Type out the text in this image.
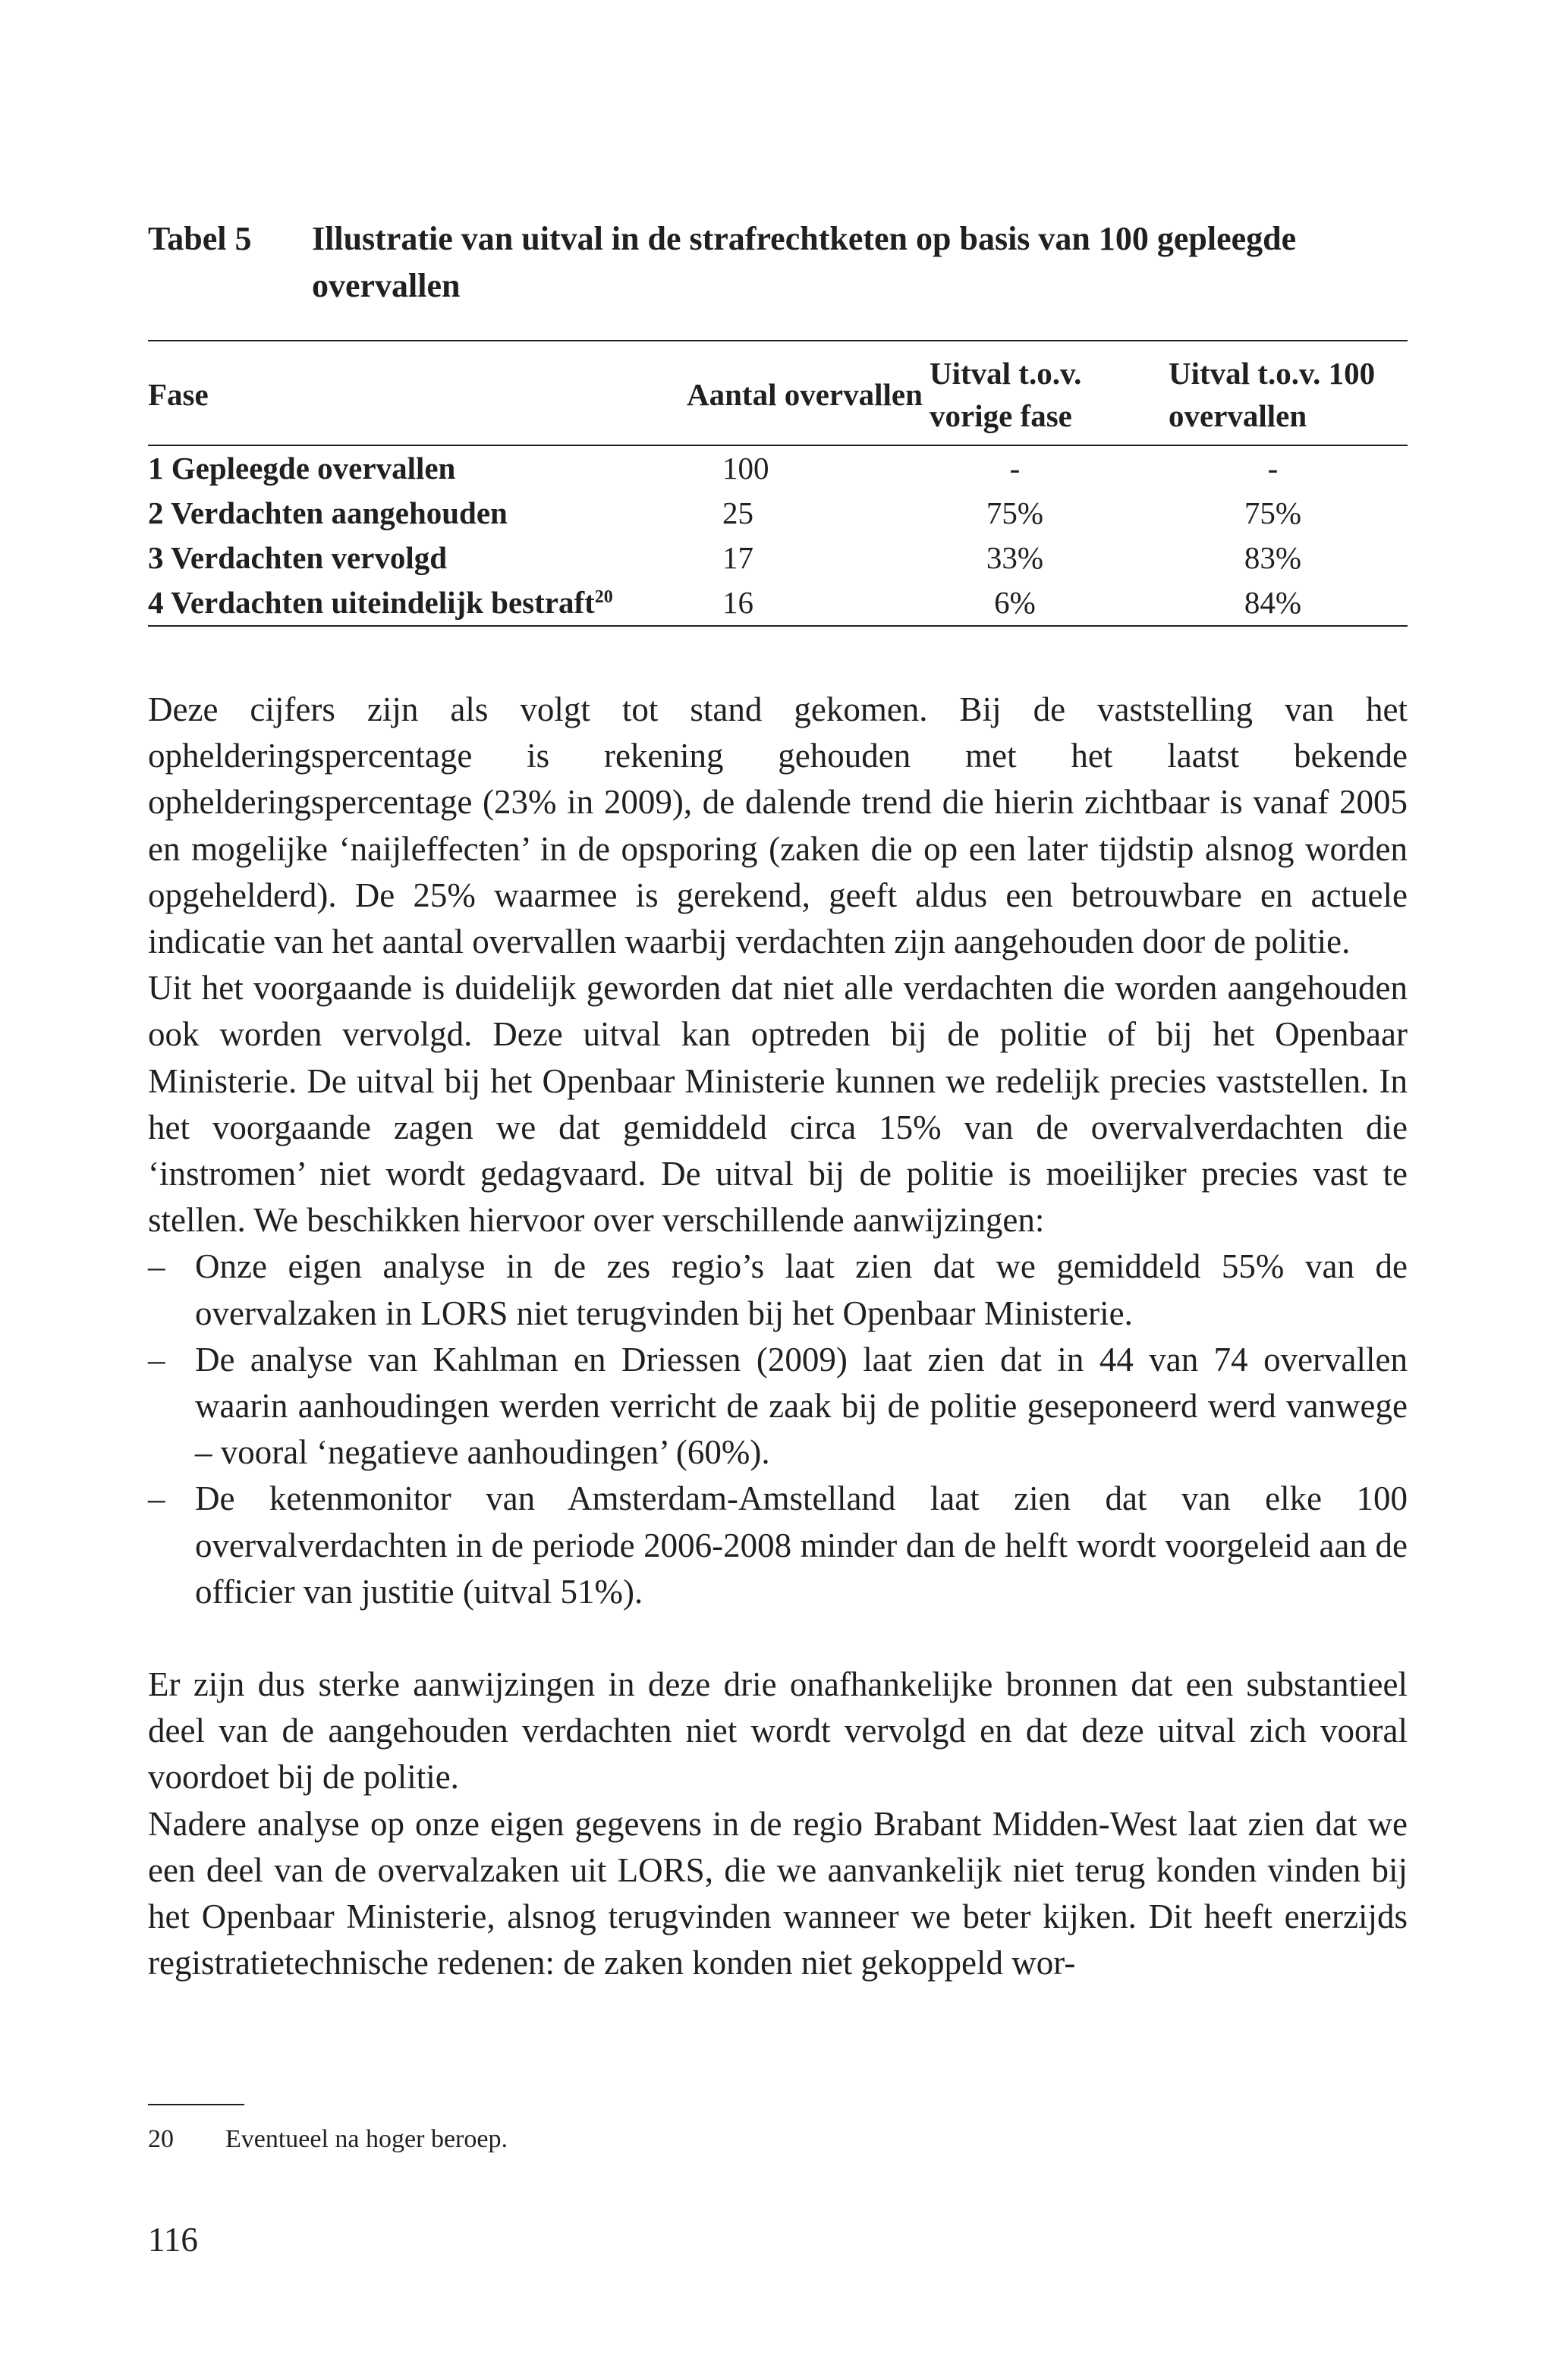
Tabel 5	Illustratie van uitval in de strafrechtketen op basis van 100 gepleegde overvallen
Fase	Aantal overvallen	Uitval t.o.v. vorige fase	Uitval t.o.v. 100 overvallen
1 Gepleegde overvallen	100	-	-
2 Verdachten aangehouden	25	75%	75%
3 Verdachten vervolgd	17	33%	83%
4 Verdachten uiteindelijk bestraft$^{20}$	16	6%	84%

Deze cijfers zijn als volgt tot stand gekomen. Bij de vaststelling van het ophelderingspercentage is rekening gehouden met het laatst bekende ophelderingspercentage (23% in 2009), de dalende trend die hierin zichtbaar is vanaf 2005 en mogelijke ‘naijleffecten’ in de opsporing (zaken die op een later tijdstip alsnog worden opgehelderd). De 25% waarmee is gerekend, geeft aldus een betrouwbare en actuele indicatie van het aantal overvallen waarbij verdachten zijn aangehouden door de politie.

Uit het voorgaande is duidelijk geworden dat niet alle verdachten die worden aangehouden ook worden vervolgd. Deze uitval kan optreden bij de politie of bij het Openbaar Ministerie. De uitval bij het Openbaar Ministerie kunnen we redelijk precies vaststellen. In het voorgaande zagen we dat gemiddeld circa 15% van de overvalverdachten die ‘instromen’ niet wordt gedagvaard. De uitval bij de politie is moeilijker precies vast te stellen. We beschikken hiervoor over verschillende aanwijzingen:

– Onze eigen analyse in de zes regio’s laat zien dat we gemiddeld 55% van de overvalzaken in LORS niet terugvinden bij het Openbaar Ministerie.
– De analyse van Kahlman en Driessen (2009) laat zien dat in 44 van 74 overvallen waarin aanhoudingen werden verricht de zaak bij de politie geseponeerd werd vanwege – vooral ‘negatieve aanhoudingen’ (60%).
– De ketenmonitor van Amsterdam-Amstelland laat zien dat van elke 100 overvalverdachten in de periode 2006-2008 minder dan de helft wordt voorgeleid aan de officier van justitie (uitval 51%).

Er zijn dus sterke aanwijzingen in deze drie onafhankelijke bronnen dat een substantieel deel van de aangehouden verdachten niet wordt vervolgd en dat deze uitval zich vooral voordoet bij de politie.

Nadere analyse op onze eigen gegevens in de regio Brabant Midden-West laat zien dat we een deel van de overvalzaken uit LORS, die we aanvankelijk niet terug konden vinden bij het Openbaar Ministerie, alsnog terugvinden wanneer we beter kijken. Dit heeft enerzijds registratietechnische redenen: de zaken konden niet gekoppeld wor-

20 Eventueel na hoger beroep.
116
